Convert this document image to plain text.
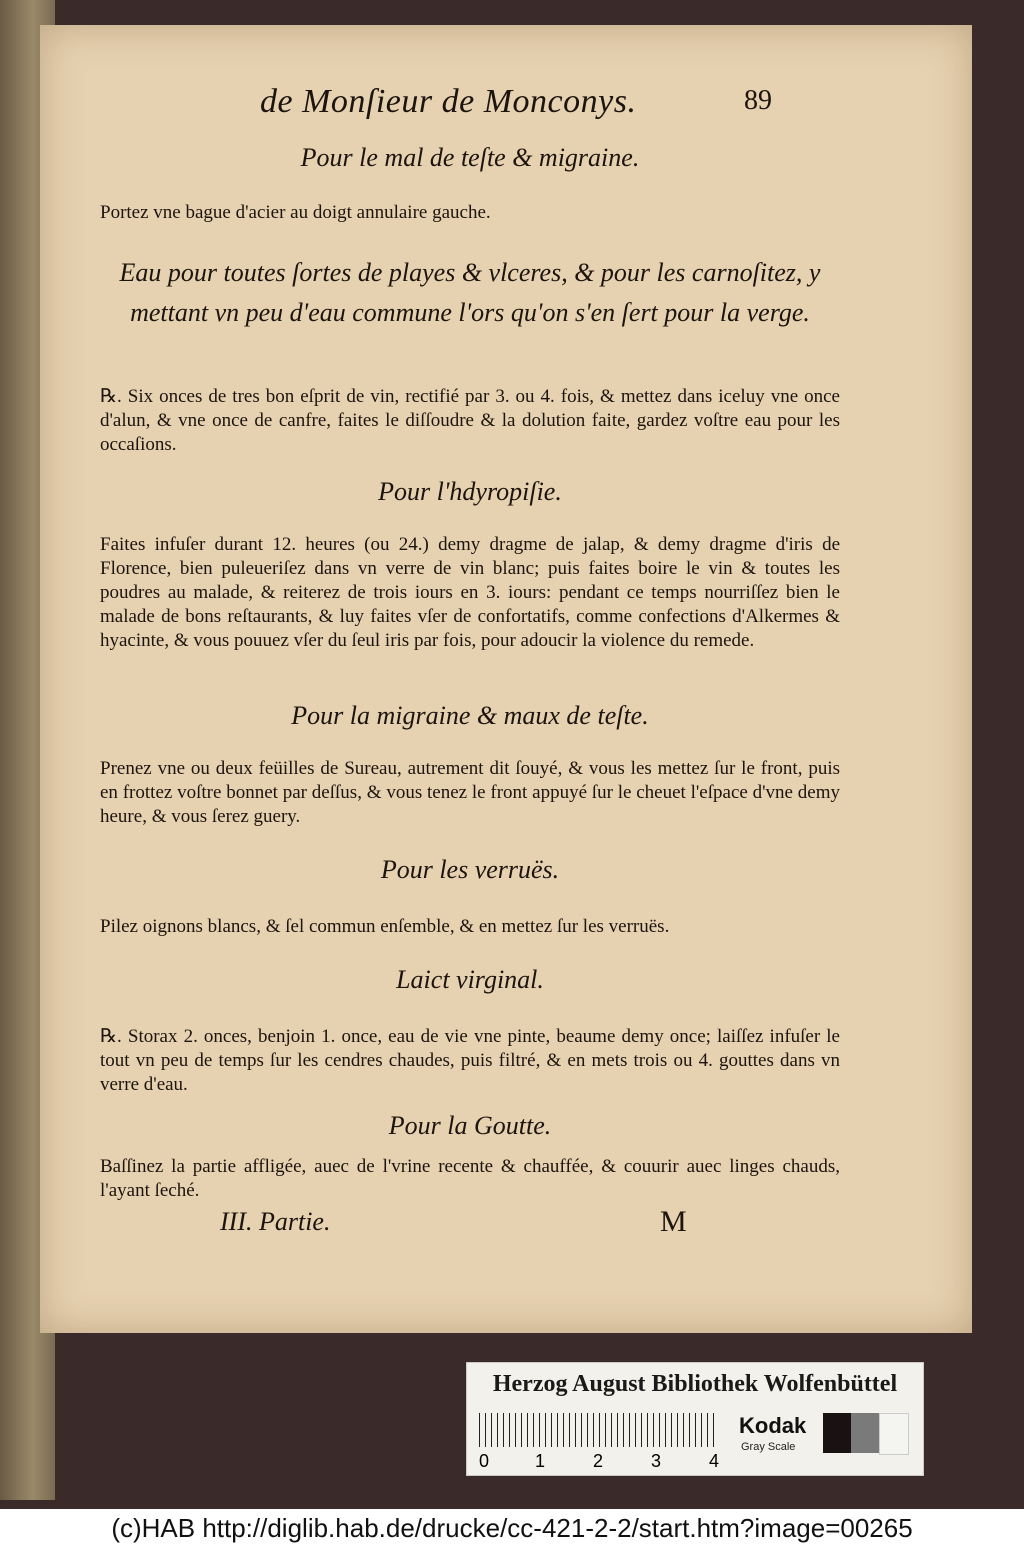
de Monſieur de Monconys.	89
Pour le mal de teſte & migraine.
Portez vne bague d'acier au doigt annulaire gauche.
Eau pour toutes ſortes de playes & vlceres, & pour les carnoſitez, y mettant vn peu d'eau commune l'ors qu'on s'en ſert pour la verge.
℞. Six onces de tres bon eſprit de vin, rectifié par 3. ou 4. fois, & mettez dans iceluy vne once d'alun, & vne once de canfre, faites le diſſoudre & la dolution faite, gardez voſtre eau pour les occaſions.
Pour l'hdyropiſie.
Faites infuſer durant 12. heures (ou 24.) demy dragme de jalap, & demy dragme d'iris de Florence, bien puleueriſez dans vn verre de vin blanc; puis faites boire le vin & toutes les poudres au malade, & reiterez de trois iours en 3. iours: pendant ce temps nourriſſez bien le malade de bons reſtaurants, & luy faites vſer de confortatifs, comme confections d'Alkermes & hyacinte, & vous pouuez vſer du ſeul iris par fois, pour adoucir la violence du remede.
Pour la migraine & maux de teſte.
Prenez vne ou deux feüilles de Sureau, autrement dit ſouyé, & vous les mettez ſur le front, puis en frottez voſtre bonnet par deſſus, & vous tenez le front appuyé ſur le cheuet l'eſpace d'vne demy heure, & vous ſerez guery.
Pour les verruës.
Pilez oignons blancs, & ſel commun enſemble, & en mettez ſur les verruës.
Laict virginal.
℞. Storax 2. onces, benjoin 1. once, eau de vie vne pinte, beaume demy once; laiſſez infuſer le tout vn peu de temps ſur les cendres chaudes, puis filtré, & en mets trois ou 4. gouttes dans vn verre d'eau.
Pour la Goutte.
Baſſinez la partie affligée, auec de l'vrine recente & chauffée, & couurir auec linges chauds, l'ayant ſeché.
III. Partie.	M
Herzog August Bibliothek Wolfenbüttel
0	1	2	3	4
Kodak
Gray Scale
(c)HAB http://diglib.hab.de/drucke/cc-421-2-2/start.htm?image=00265
